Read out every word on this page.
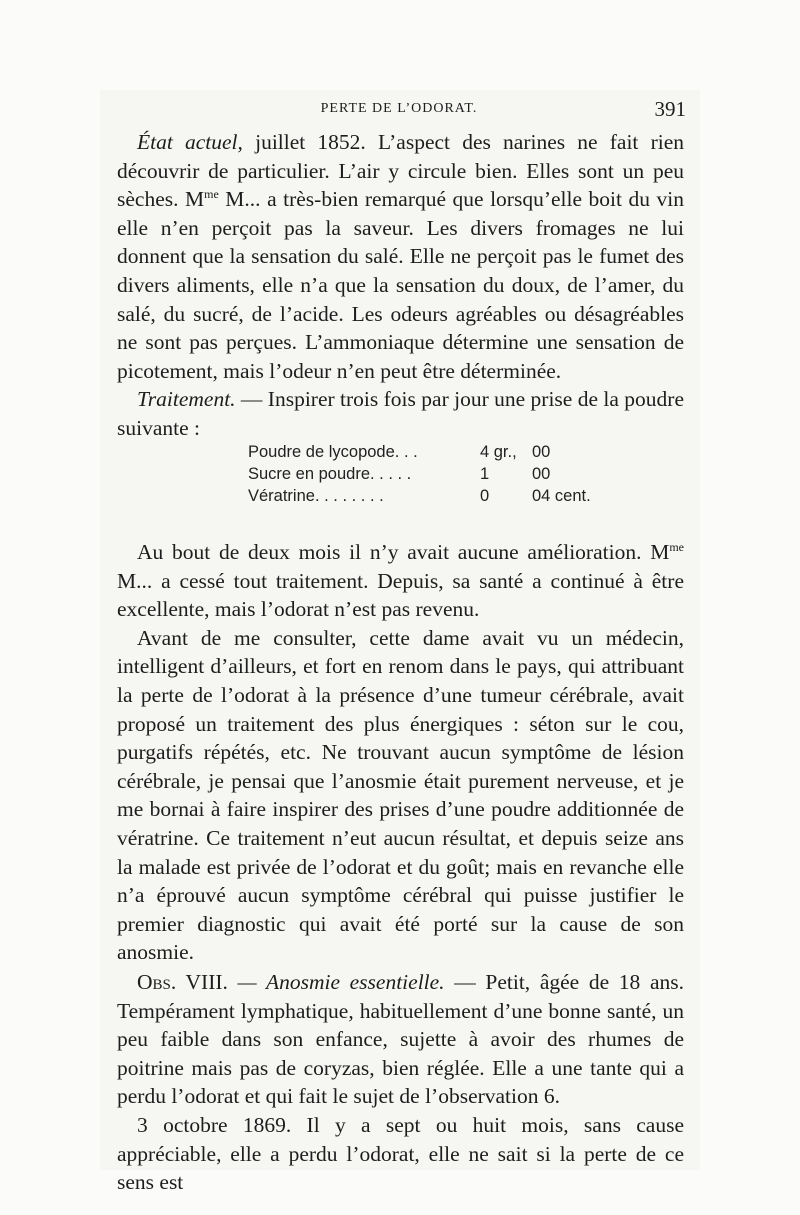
PERTE DE L’ODORAT.	391

État actuel, juillet 1852. L’aspect des narines ne fait rien découvrir de particulier. L’air y circule bien. Elles sont un peu sèches. $M^{me}$ M... a très-bien remarqué que lorsqu’elle boit du vin elle n’en perçoit pas la saveur. Les divers fromages ne lui donnent que la sensation du salé. Elle ne perçoit pas le fumet des divers aliments, elle n’a que la sensation du doux, de l’amer, du salé, du sucré, de l’acide. Les odeurs agréables ou désagréables ne sont pas perçues. L’ammoniaque détermine une sensation de picotement, mais l’odeur n’en peut être déterminée.

Traitement. — Inspirer trois fois par jour une prise de la poudre suivante :

Poudre de lycopode. . .	4 gr., 00
Sucre en poudre. . . . .	1	00
Vératrine. . . . . . . .	0	04 cent.

Au bout de deux mois il n’y avait aucune amélioration. $M^{me}$ M... a cessé tout traitement. Depuis, sa santé a continué à être excellente, mais l’odorat n’est pas revenu.

Avant de me consulter, cette dame avait vu un médecin, intelligent d’ailleurs, et fort en renom dans le pays, qui attribuant la perte de l’odorat à la présence d’une tumeur cérébrale, avait proposé un traitement des plus énergiques : séton sur le cou, purgatifs répétés, etc. Ne trouvant aucun symptôme de lésion cérébrale, je pensai que l’anosmie était purement nerveuse, et je me bornai à faire inspirer des prises d’une poudre additionnée de vératrine. Ce traitement n’eut aucun résultat, et depuis seize ans la malade est privée de l’odorat et du goût; mais en revanche elle n’a éprouvé aucun symptôme cérébral qui puisse justifier le premier diagnostic qui avait été porté sur la cause de son anosmie.

Obs. VIII. — Anosmie essentielle. — Petit, âgée de 18 ans. Tempérament lymphatique, habituellement d’une bonne santé, un peu faible dans son enfance, sujette à avoir des rhumes de poitrine mais pas de coryzas, bien réglée. Elle a une tante qui a perdu l’odorat et qui fait le sujet de l’observation 6.

3 octobre 1869. Il y a sept ou huit mois, sans cause appréciable, elle a perdu l’odorat, elle ne sait si la perte de ce sens est
